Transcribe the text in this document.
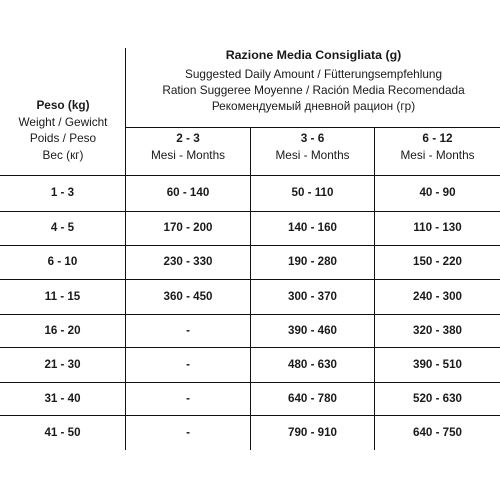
Razione Media Consigliata (g)
Suggested Daily Amount / Fütterungsempfehlung
Ration Suggeree Moyenne / Ración Media Recomendada
Рекомендуемый дневной рацион (гр)
Peso (kg)
Weight / Gewicht
Poids / Peso
Вес (кг)
2 - 3
Mesi - Months
3 - 6
Mesi - Months
6 - 12
Mesi - Months
1 - 3	60 - 140	50 - 110	40 - 90
4 - 5	170 - 200	140 - 160	110 - 130
6 - 10	230 - 330	190 - 280	150 - 220
11 - 15	360 - 450	300 - 370	240 - 300
16 - 20	-	390 - 460	320 - 380
21 - 30	-	480 - 630	390 - 510
31 - 40	-	640 - 780	520 - 630
41 - 50	-	790 - 910	640 - 750
